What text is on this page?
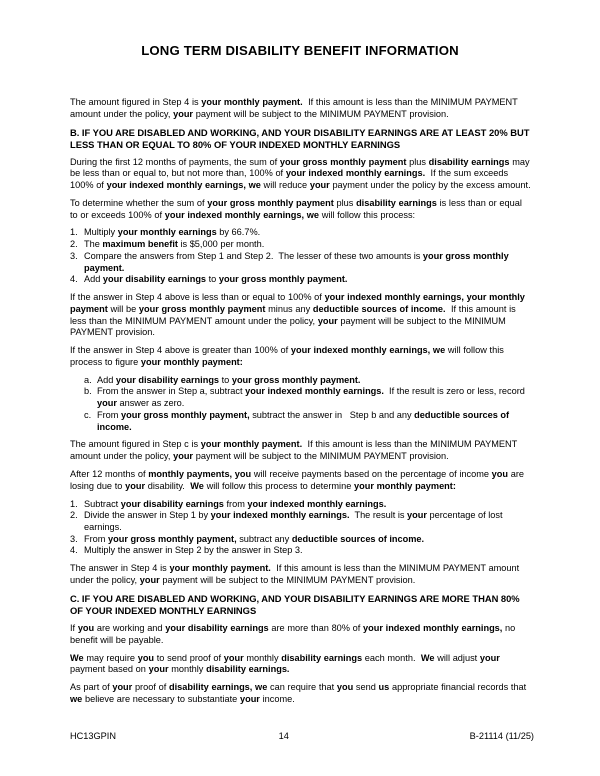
LONG TERM DISABILITY BENEFIT INFORMATION

The amount figured in Step 4 is your monthly payment.  If this amount is less than the MINIMUM PAYMENT amount under the policy, your payment will be subject to the MINIMUM PAYMENT provision.

B. IF YOU ARE DISABLED AND WORKING, AND YOUR DISABILITY EARNINGS ARE AT LEAST 20% BUT LESS THAN OR EQUAL TO 80% OF YOUR INDEXED MONTHLY EARNINGS

During the first 12 months of payments, the sum of your gross monthly payment plus disability earnings may be less than or equal to, but not more than, 100% of your indexed monthly earnings.  If the sum exceeds 100% of your indexed monthly earnings, we will reduce your payment under the policy by the excess amount.

To determine whether the sum of your gross monthly payment plus disability earnings is less than or equal to or exceeds 100% of your indexed monthly earnings, we will follow this process:

1. Multiply your monthly earnings by 66.7%.
2. The maximum benefit is $5,000 per month.
3. Compare the answers from Step 1 and Step 2.  The lesser of these two amounts is your gross monthly payment.
4. Add your disability earnings to your gross monthly payment.

If the answer in Step 4 above is less than or equal to 100% of your indexed monthly earnings, your monthly payment will be your gross monthly payment minus any deductible sources of income.  If this amount is less than the MINIMUM PAYMENT amount under the policy, your payment will be subject to the MINIMUM PAYMENT provision.

If the answer in Step 4 above is greater than 100% of your indexed monthly earnings, we will follow this process to figure your monthly payment:

a. Add your disability earnings to your gross monthly payment.
b. From the answer in Step a, subtract your indexed monthly earnings.  If the result is zero or less, record your answer as zero.
c. From your gross monthly payment, subtract the answer in   Step b and any deductible sources of income.

The amount figured in Step c is your monthly payment.  If this amount is less than the MINIMUM PAYMENT amount under the policy, your payment will be subject to the MINIMUM PAYMENT provision.

After 12 months of monthly payments, you will receive payments based on the percentage of income you are losing due to your disability.  We will follow this process to determine your monthly payment:

1. Subtract your disability earnings from your indexed monthly earnings.
2. Divide the answer in Step 1 by your indexed monthly earnings.  The result is your percentage of lost earnings.
3. From your gross monthly payment, subtract any deductible sources of income.
4. Multiply the answer in Step 2 by the answer in Step 3.

The answer in Step 4 is your monthly payment.  If this amount is less than the MINIMUM PAYMENT amount under the policy, your payment will be subject to the MINIMUM PAYMENT provision.

C. IF YOU ARE DISABLED AND WORKING, AND YOUR DISABILITY EARNINGS ARE MORE THAN 80% OF YOUR INDEXED MONTHLY EARNINGS

If you are working and your disability earnings are more than 80% of your indexed monthly earnings, no benefit will be payable.

We may require you to send proof of your monthly disability earnings each month.  We will adjust your payment based on your monthly disability earnings.

As part of your proof of disability earnings, we can require that you send us appropriate financial records that we believe are necessary to substantiate your income.

HC13GPIN	14	B-21114 (11/25)
